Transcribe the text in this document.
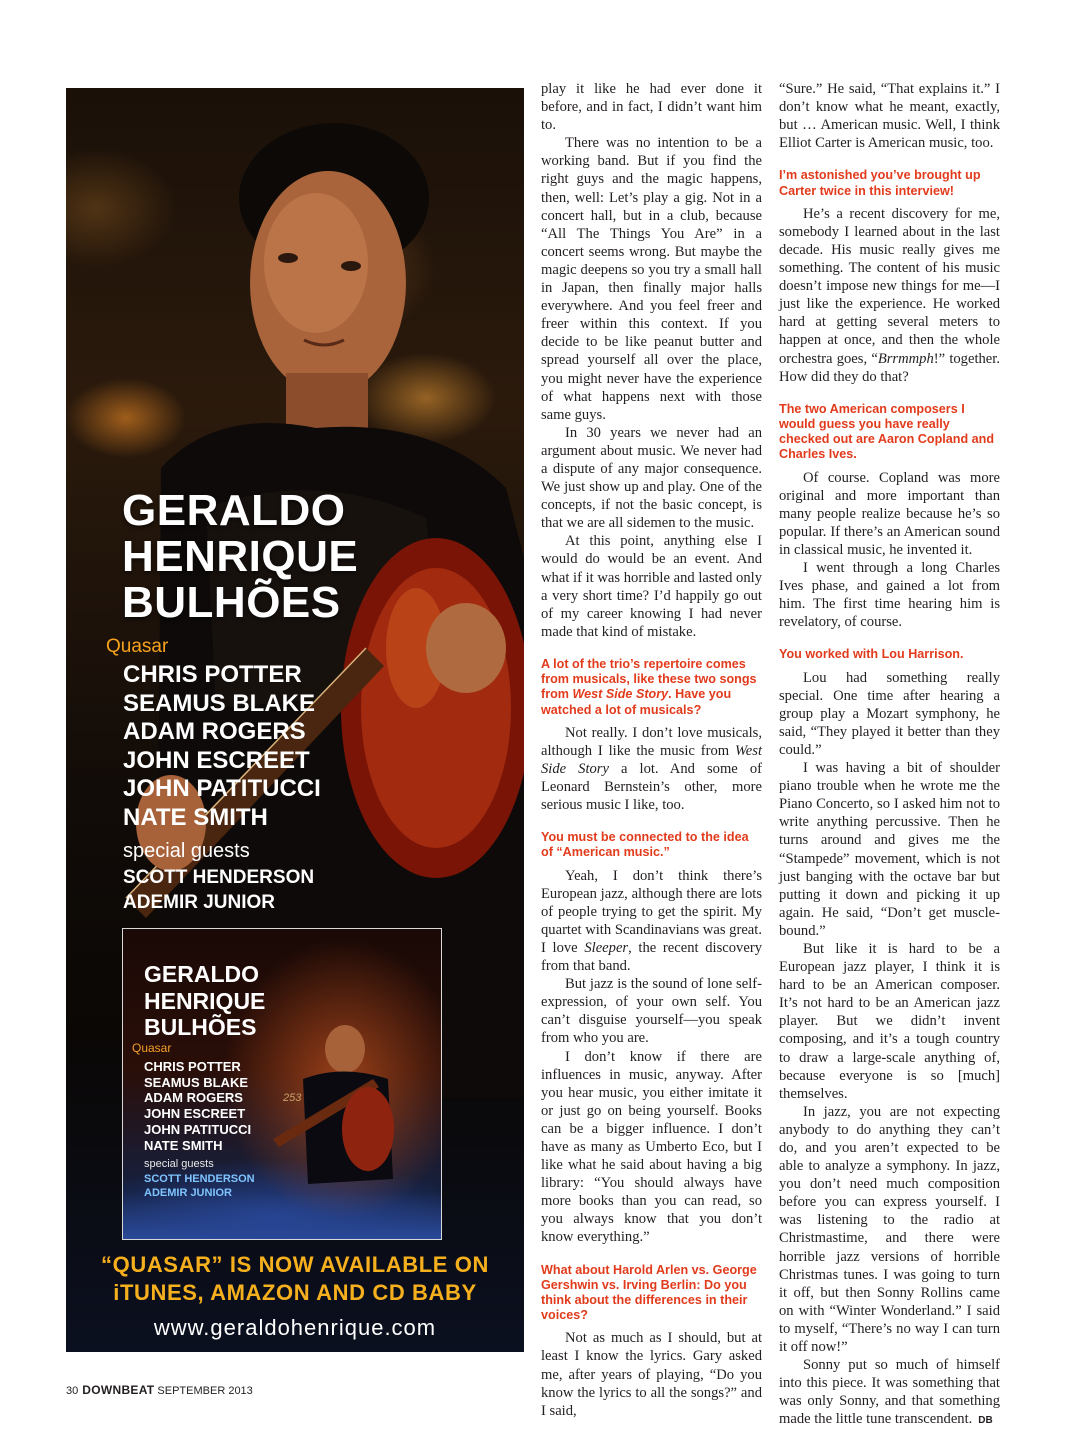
GERALDO
HENRIQUE
BULHÕES
Quasar
CHRIS POTTER
SEAMUS BLAKE
ADAM ROGERS
JOHN ESCREET
JOHN PATITUCCI
NATE SMITH
special guests
SCOTT HENDERSON
ADEMIR JUNIOR
GERALDO
HENRIQUE
BULHÕES
Quasar
CHRIS POTTER
SEAMUS BLAKE
ADAM ROGERS
JOHN ESCREET
JOHN PATITUCCI
NATE SMITH
special guests
SCOTT HENDERSON
ADEMIR JUNIOR
253
“QUASAR” IS NOW AVAILABLE ON
iTUNES, AMAZON AND CD BABY
www.geraldohenrique.com

play it like he had ever done it before, and in fact, I didn’t want him to.

There was no intention to be a working band. But if you find the right guys and the magic happens, then, well: Let’s play a gig. Not in a concert hall, but in a club, because “All The Things You Are” in a concert seems wrong. But maybe the magic deepens so you try a small hall in Japan, then finally major halls everywhere. And you feel freer and freer within this context. If you decide to be like peanut butter and spread yourself all over the place, you might never have the experience of what happens next with those same guys.

In 30 years we never had an argument about music. We never had a dispute of any major consequence. We just show up and play. One of the concepts, if not the basic concept, is that we are all sidemen to the music.

At this point, anything else I would do would be an event. And what if it was horrible and lasted only a very short time? I’d happily go out of my career knowing I had never made that kind of mistake.

A lot of the trio’s repertoire comes from musicals, like these two songs from West Side Story. Have you watched a lot of musicals?

Not really. I don’t love musicals, although I like the music from West Side Story a lot. And some of Leonard Bernstein’s other, more serious music I like, too.

You must be connected to the idea of “American music.”

Yeah, I don’t think there’s European jazz, although there are lots of people trying to get the spirit. My quartet with Scandinavians was great. I love Sleeper, the recent discovery from that band.

But jazz is the sound of lone self-expression, of your own self. You can’t disguise yourself—you speak from who you are.

I don’t know if there are influences in music, anyway. After you hear music, you either imitate it or just go on being yourself. Books can be a bigger influence. I don’t have as many as Umberto Eco, but I like what he said about having a big library: “You should always have more books than you can read, so you always know that you don’t know everything.”

What about Harold Arlen vs. George Gershwin vs. Irving Berlin: Do you think about the differences in their voices?

Not as much as I should, but at least I know the lyrics. Gary asked me, after years of playing, “Do you know the lyrics to all the songs?” and I said,

“Sure.” He said, “That explains it.” I don’t know what he meant, exactly, but … American music. Well, I think Elliot Carter is American music, too.

I’m astonished you’ve brought up Carter twice in this interview!

He’s a recent discovery for me, somebody I learned about in the last decade. His music really gives me something. The content of his music doesn’t impose new things for me—I just like the experience. He worked hard at getting several meters to happen at once, and then the whole orchestra goes, “Brrmmph!” together. How did they do that?

The two American composers I would guess you have really checked out are Aaron Copland and Charles Ives.

Of course. Copland was more original and more important than many people realize because he’s so popular. If there’s an American sound in classical music, he invented it.

I went through a long Charles Ives phase, and gained a lot from him. The first time hearing him is revelatory, of course.

You worked with Lou Harrison.

Lou had something really special. One time after hearing a group play a Mozart symphony, he said, “They played it better than they could.”

I was having a bit of shoulder piano trouble when he wrote me the Piano Concerto, so I asked him not to write anything percussive. Then he turns around and gives me the “Stampede” movement, which is not just banging with the octave bar but putting it down and picking it up again. He said, “Don’t get muscle-bound.”

But like it is hard to be a European jazz player, I think it is hard to be an American composer. It’s not hard to be an American jazz player. But we didn’t invent composing, and it’s a tough country to draw a large-scale anything of, because everyone is so [much] themselves.

In jazz, you are not expecting anybody to do anything they can’t do, and you aren’t expected to be able to analyze a symphony. In jazz, you don’t need much composition before you can express yourself. I was listening to the radio at Christmastime, and there were horrible jazz versions of horrible Christmas tunes. I was going to turn it off, but then Sonny Rollins came on with “Winter Wonderland.” I said to myself, “There’s no way I can turn it off now!”

Sonny put so much of himself into this piece. It was something that was only Sonny, and that something made the little tune transcendent. DB

30 DOWNBEAT SEPTEMBER 2013
